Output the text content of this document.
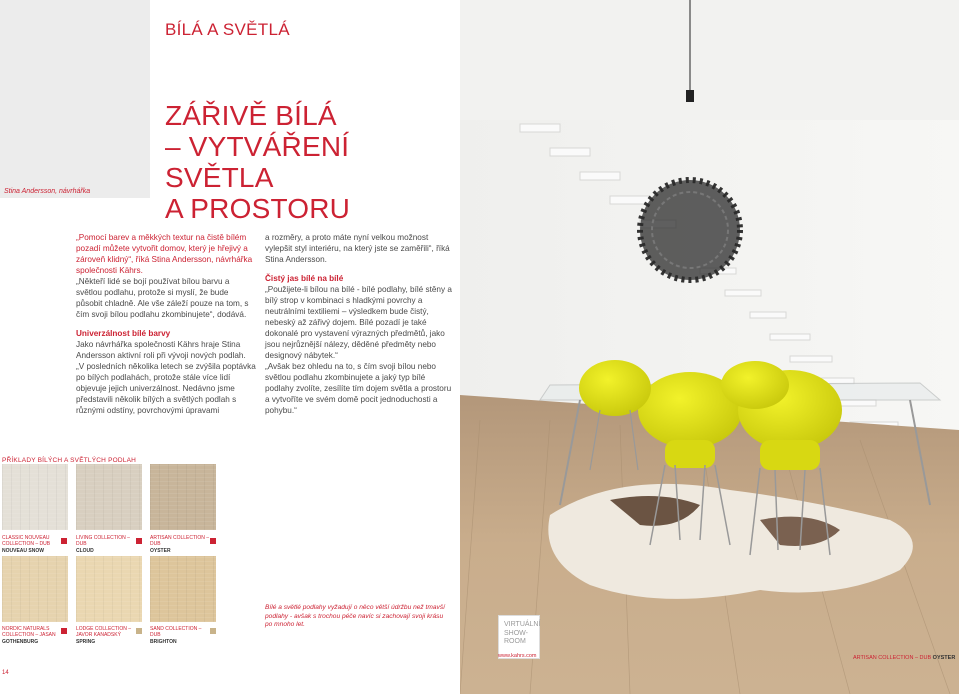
Stina Andersson, návrhářka
BÍLÁ A SVĚTLÁ
ZÁŘIVĚ BÍLÁ
– VYTVÁŘENÍ SVĚTLA
A PROSTORU

„Pomocí barev a měkkých textur na čistě bílém pozadí můžete vytvořit domov, který je hřejivý a zároveň klidný“, říká Stina Andersson, návrhářka společnosti Kährs.

„Někteří lidé se bojí používat bílou barvu a světlou podlahu, protože si myslí, že bude působit chladně. Ale vše záleží pouze na tom, s čím svoji bílou podlahu zkombinujete“, dodává.

Univerzálnost bílé barvy

Jako návrhářka společnosti Kährs hraje Stina Andersson aktivní roli při vývoji nových podlah. „V posledních několika letech se zvýšila poptávka po bílých podlahách, protože stále více lidí objevuje jejich univerzálnost. Nedávno jsme představili několik bílých a světlých podlah s různými odstíny, povrchovými úpravami

PŘÍKLADY BÍLÝCH A SVĚTLÝCH PODLAH
CLASSIC NOUVEAU COLLECTION – DUB
NOUVEAU SNOW
LIVING COLLECTION – DUB
CLOUD
ARTISAN COLLECTION – DUB
OYSTER
NORDIC NATURALS COLLECTION – JASAN
GOTHENBURG
LODGE COLLECTION – JAVOR KANADSKÝ
SPRING
SAND COLLECTION – DUB
BRIGHTON
14

a rozměry, a proto máte nyní velkou možnost vylepšit styl interiéru, na který jste se zaměřili“, říká Stina Andersson.

Čistý jas bílé na bílé

„Použijete-li bílou na bílé - bílé podlahy, bílé stěny a bílý strop v kombinaci s hladkými povrchy a neutrálními textiliemi – výsledkem bude čistý, nebeský až zářivý dojem. Bílé pozadí je také dokonalé pro vystavení výrazných předmětů, jako jsou nejrůznější nálezy, děděné předměty nebo designový nábytek.“

„Avšak bez ohledu na to, s čím svoji bílou nebo světlou podlahu zkombinujete a jaký typ bílé podlahy zvolíte, zesílíte tím dojem světla a prostoru a vytvoříte ve svém domě pocit jednoduchosti a pohybu.“

Bílé a světlé podlahy vyžadují o něco větší údržbu než tmavší podlahy - avšak s trochou péče navíc si zachovají svoji krásu po mnoho let.	VIRTUÁLNÍ
SHOW-
ROOM
www.kahrs.com	ARTISAN COLLECTION – DUB OYSTER
